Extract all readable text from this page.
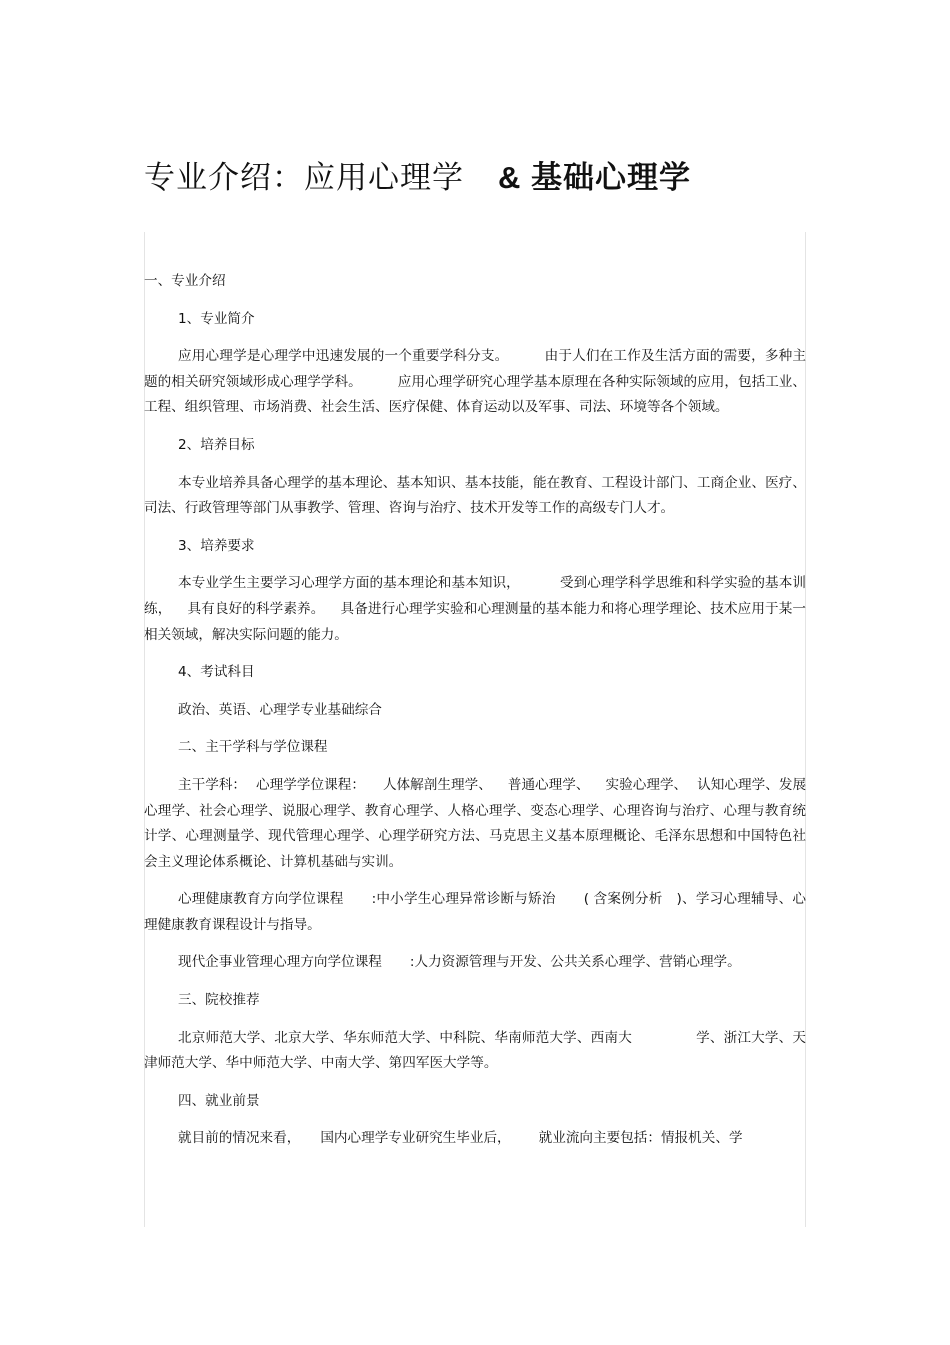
专业介绍：应用心理学 & 基础心理学

一、专业介绍

1、专业简介

应用心理学是心理学中迅速发展的一个重要学科分支。	由于人们在工作及生活方面的需要，多种主题的相关研究领域形成心理学学科。	应用心理学研究心理学基本原理在各种实际领域的应用，包括工业、工程、组织管理、市场消费、社会生活、医疗保健、体育运动以及军事、司法、环境等各个领域。

2、培养目标

本专业培养具备心理学的基本理论、基本知识、基本技能，能在教育、工程设计部门、工商企业、医疗、司法、行政管理等部门从事教学、管理、咨询与治疗、技术开发等工作的高级专门人才。

3、培养要求

本专业学生主要学习心理学方面的基本理论和基本知识，	受到心理学科学思维和科学实验的基本训练， 具有良好的科学素养。 具备进行心理学实验和心理测量的基本能力和将心理学理论、技术应用于某一相关领域，解决实际问题的能力。

4、考试科目

政治、英语、心理学专业基础综合

二、主干学科与学位课程

主干学科： 心理学学位课程： 人体解剖生理学、 普通心理学、 实验心理学、 认知心理学、发展心理学、社会心理学、说服心理学、教育心理学、人格心理学、变态心理学、心理咨询与治疗、心理与教育统计学、心理测量学、现代管理心理学、心理学研究方法、马克思主义基本原理概论、毛泽东思想和中国特色社会主义理论体系概论、计算机基础与实训。

心理健康教育方向学位课程 :中小学生心理异常诊断与矫治 ( 含案例分析 )、学习心理辅导、心理健康教育课程设计与指导。

现代企事业管理心理方向学位课程 :人力资源管理与开发、公共关系心理学、营销心理学。

三、院校推荐

北京师范大学、北京大学、华东师范大学、中科院、华南师范大学、西南大	学、浙江大学、天津师范大学、华中师范大学、中南大学、第四军医大学等。

四、就业前景

就目前的情况来看， 国内心理学专业研究生毕业后， 就业流向主要包括：情报机关、学
